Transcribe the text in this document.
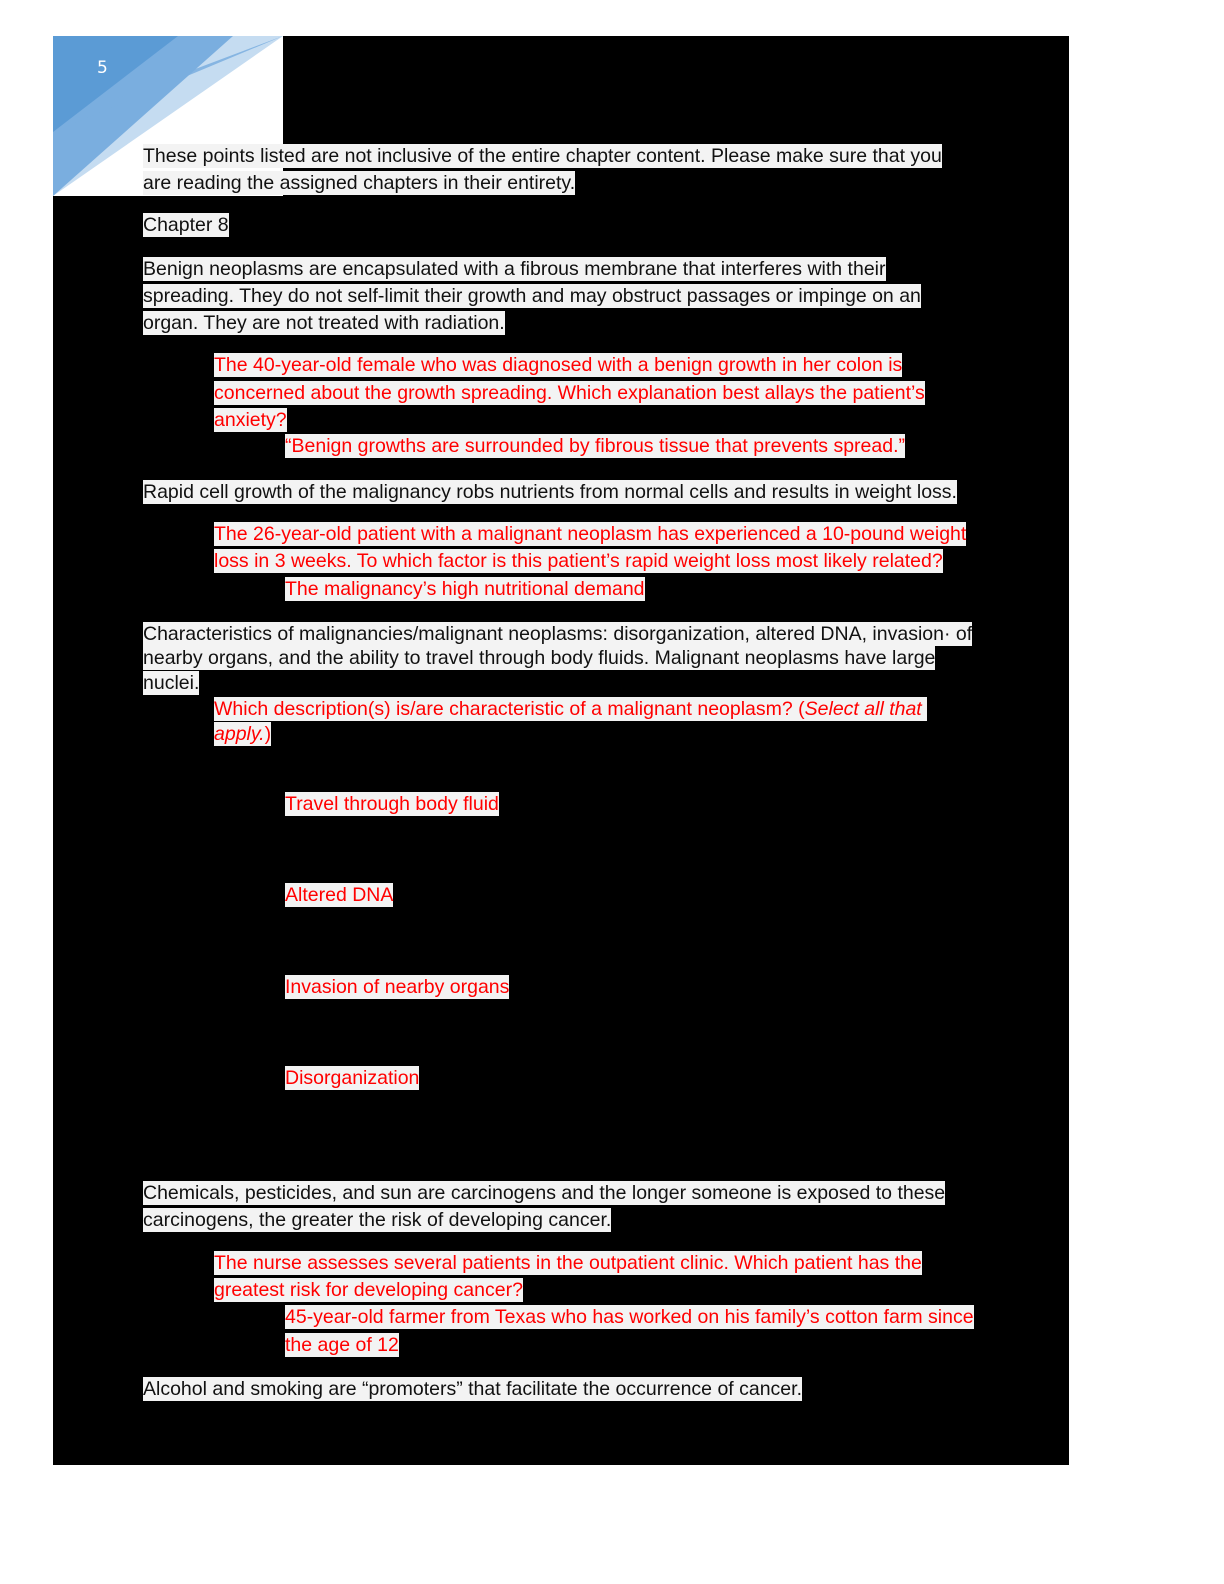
5
These points listed are not inclusive of the entire chapter content. Please make sure that you
are reading the assigned chapters in their entirety.
Chapter 8
Benign neoplasms are encapsulated with a fibrous membrane that interferes with their
spreading. They do not self-limit their growth and may obstruct passages or impinge on an
organ. They are not treated with radiation.
The 40-year-old female who was diagnosed with a benign growth in her colon is
concerned about the growth spreading. Which explanation best allays the patient’s
anxiety?
“Benign growths are surrounded by fibrous tissue that prevents spread.”
Rapid cell growth of the malignancy robs nutrients from normal cells and results in weight loss.
The 26-year-old patient with a malignant neoplasm has experienced a 10-pound weight
loss in 3 weeks. To which factor is this patient’s rapid weight loss most likely related?
The malignancy’s high nutritional demand
Characteristics of malignancies/malignant neoplasms: disorganization, altered DNA, invasion· of
nearby organs, and the ability to travel through body fluids. Malignant neoplasms have large
nuclei.
Which description(s) is/are characteristic of a malignant neoplasm? (Select all that
apply.)
Travel through body fluid
Altered DNA
Invasion of nearby organs
Disorganization
Chemicals, pesticides, and sun are carcinogens and the longer someone is exposed to these
carcinogens, the greater the risk of developing cancer.
The nurse assesses several patients in the outpatient clinic. Which patient has the
greatest risk for developing cancer?
45-year-old farmer from Texas who has worked on his family’s cotton farm since
the age of 12
Alcohol and smoking are “promoters” that facilitate the occurrence of cancer.
